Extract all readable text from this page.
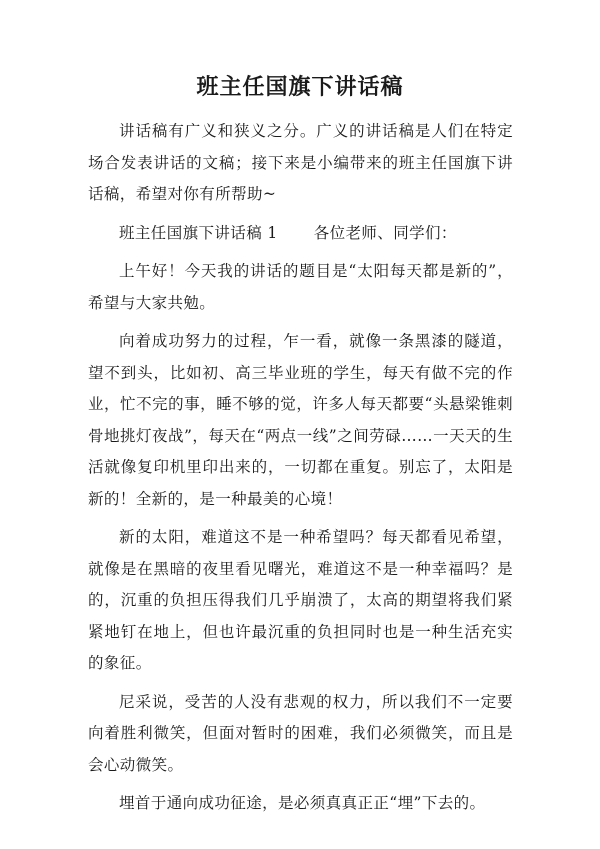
班主任国旗下讲话稿

讲话稿有广义和狭义之分。广义的讲话稿是人们在特定场合发表讲话的文稿；接下来是小编带来的班主任国旗下讲话稿，希望对你有所帮助~

班主任国旗下讲话稿 1 各位老师、同学们：

上午好！今天我的讲话的题目是“太阳每天都是新的”，希望与大家共勉。

向着成功努力的过程，乍一看，就像一条黑漆的隧道，望不到头，比如初、高三毕业班的学生，每天有做不完的作业，忙不完的事，睡不够的觉，许多人每天都要“头悬梁锥刺骨地挑灯夜战”，每天在“两点一线”之间劳碌……一天天的生活就像复印机里印出来的，一切都在重复。别忘了，太阳是新的！全新的，是一种最美的心境！

新的太阳，难道这不是一种希望吗？每天都看见希望，就像是在黑暗的夜里看见曙光，难道这不是一种幸福吗？是的，沉重的负担压得我们几乎崩溃了，太高的期望将我们紧紧地钉在地上，但也许最沉重的负担同时也是一种生活充实的象征。

尼采说，受苦的人没有悲观的权力，所以我们不一定要向着胜利微笑，但面对暂时的困难，我们必须微笑，而且是会心动微笑。

埋首于通向成功征途，是必须真真正正“埋”下去的。
